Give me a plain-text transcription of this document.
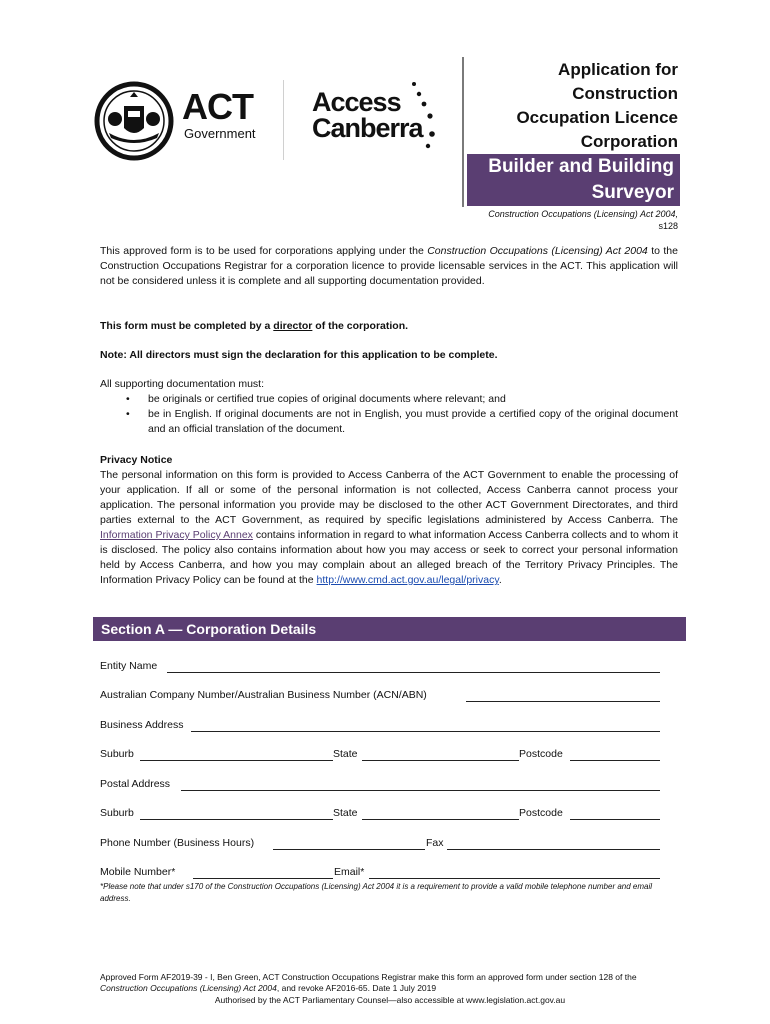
ACT
Government
Access
Canberra
Application for
Construction
Occupation Licence
Corporation
Builder and Building
Surveyor
Construction Occupations (Licensing) Act 2004,
s128
This approved form is to be used for corporations applying under the Construction Occupations (Licensing) Act 2004 to the Construction Occupations Registrar for a corporation licence to provide licensable services in the ACT. This application will not be considered unless it is complete and all supporting documentation provided.
This form must be completed by a director of the corporation.
Note: All directors must sign the declaration for this application to be complete.
All supporting documentation must:
• be originals or certified true copies of original documents where relevant; and
• be in English. If original documents are not in English, you must provide a certified copy of the original document and an official translation of the document.
Privacy Notice
The personal information on this form is provided to Access Canberra of the ACT Government to enable the processing of your application. If all or some of the personal information is not collected, Access Canberra cannot process your application. The personal information you provide may be disclosed to the other ACT Government Directorates, and third parties external to the ACT Government, as required by specific legislations administered by Access Canberra. The Information Privacy Policy Annex contains information in regard to what information Access Canberra collects and to whom it is disclosed. The policy also contains information about how you may access or seek to correct your personal information held by Access Canberra, and how you may complain about an alleged breach of the Territory Privacy Principles. The Information Privacy Policy can be found at the http://www.cmd.act.gov.au/legal/privacy.
Section A — Corporation Details
Entity Name
Australian Company Number/Australian Business Number (ACN/ABN)
Business Address
Suburb	State	Postcode
Postal Address
Suburb	State	Postcode
Phone Number (Business Hours)	Fax
Mobile Number*	Email*
*Please note that under s170 of the Construction Occupations (Licensing) Act 2004 it is a requirement to provide a valid mobile telephone number and email address.
Approved Form AF2019-39 - I, Ben Green, ACT Construction Occupations Registrar make this form an approved form under section 128 of the Construction Occupations (Licensing) Act 2004, and revoke AF2016-65. Date 1 July 2019
Authorised by the ACT Parliamentary Counsel—also accessible at www.legislation.act.gov.au
